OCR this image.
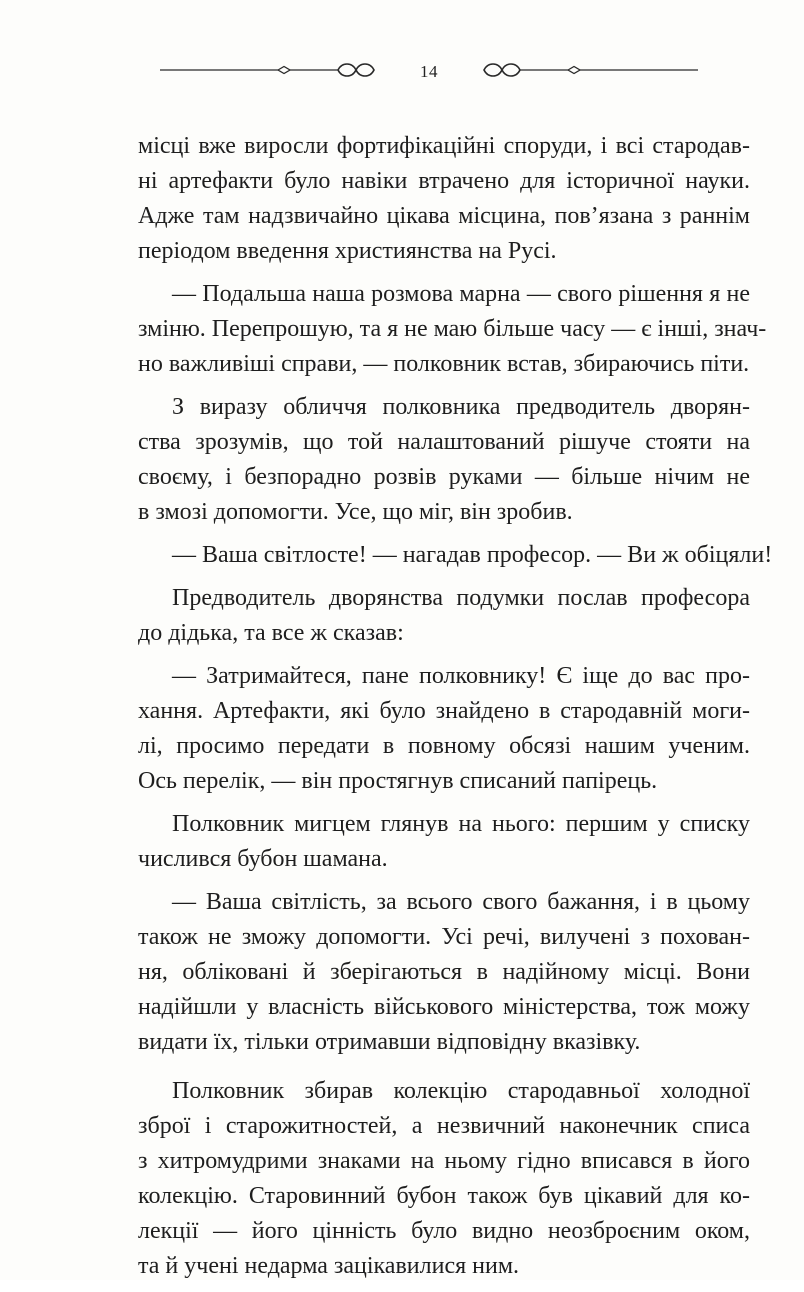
14

місці вже виросли фортифікаційні споруди, і всі стародав-
ні артефакти було навіки втрачено для історичної науки.
Адже там надзвичайно цікава місцина, пов’язана з раннім
періодом введення християнства на Русі.

— Подальша наша розмова марна — свого рішення я не
зміню. Перепрошую, та я не маю більше часу — є інші, знач-
но важливіші справи, — полковник встав, збираючись піти.

З виразу обличчя полковника предводитель дворян-
ства зрозумів, що той налаштований рішуче стояти на
своєму, і безпорадно розвів руками — більше нічим не
в змозі допомогти. Усе, що міг, він зробив.

— Ваша світлосте! — нагадав професор. — Ви ж обіцяли!

Предводитель дворянства подумки послав професора
до дідька, та все ж сказав:

— Затримайтеся, пане полковнику! Є іще до вас про-
хання. Артефакти, які було знайдено в стародавній моги-
лі, просимо передати в повному обсязі нашим ученим.
Ось перелік, — він простягнув списаний папірець.

Полковник мигцем глянув на нього: першим у списку
числився бубон шамана.

— Ваша світлість, за всього свого бажання, і в цьому
також не зможу допомогти. Усі речі, вилучені з похован-
ня, обліковані й зберігаються в надійному місці. Вони
надійшли у власність військового міністерства, тож можу
видати їх, тільки отримавши відповідну вказівку.

Полковник збирав колекцію стародавньої холодної
зброї і старожитностей, а незвичний наконечник списа
з хитромудрими знаками на ньому гідно вписався в його
колекцію. Старовинний бубон також був цікавий для ко-
лекції — його цінність було видно неозброєним оком,
та й учені недарма зацікавилися ним.
